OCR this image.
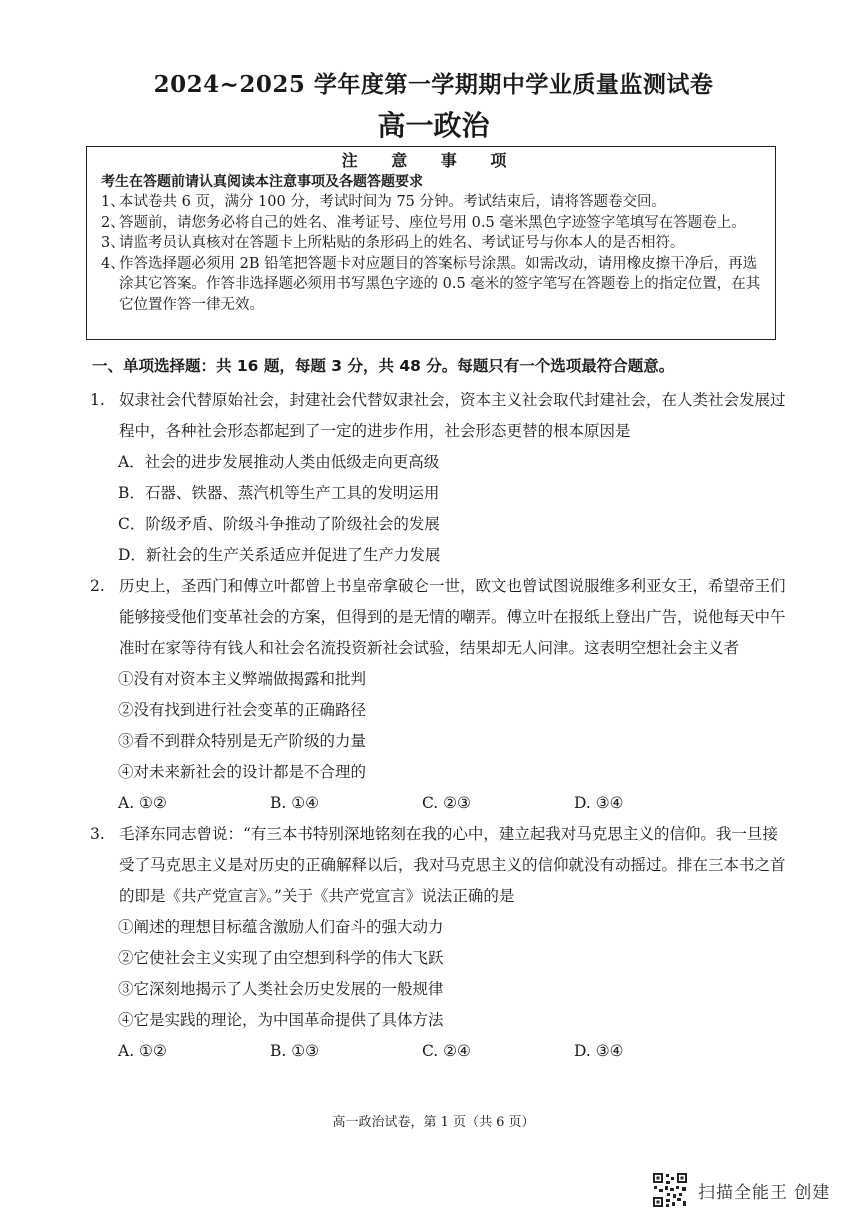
2024~2025 学年度第一学期期中学业质量监测试卷
高一政治
注 意 事 项
考生在答题前请认真阅读本注意事项及各题答题要求
1、
本试卷共 6 页，满分 100 分，考试时间为 75 分钟。考试结束后，请将答题卷交回。
2、
答题前，请您务必将自己的姓名、准考证号、座位号用 0.5 毫米黑色字迹签字笔填写在答题卷上。
3、
请监考员认真核对在答题卡上所粘贴的条形码上的姓名、考试证号与你本人的是否相符。
4、
作答选择题必须用 2B 铅笔把答题卡对应题目的答案标号涂黑。如需改动，请用橡皮擦干净后，再选涂其它答案。作答非选择题必须用书写黑色字迹的 0.5 毫米的签字笔写在答题卷上的指定位置，在其它位置作答一律无效。
一、单项选择题：共 16 题，每题 3 分，共 48 分。每题只有一个选项最符合题意。
1. 奴隶社会代替原始社会，封建社会代替奴隶社会，资本主义社会取代封建社会，在人类社会发展过程中，各种社会形态都起到了一定的进步作用，社会形态更替的根本原因是
A．社会的进步发展推动人类由低级走向更高级
B．石器、铁器、蒸汽机等生产工具的发明运用
C．阶级矛盾、阶级斗争推动了阶级社会的发展
D．新社会的生产关系适应并促进了生产力发展
2. 历史上，圣西门和傅立叶都曾上书皇帝拿破仑一世，欧文也曾试图说服维多利亚女王，希望帝王们能够接受他们变革社会的方案，但得到的是无情的嘲弄。傅立叶在报纸上登出广告，说他每天中午准时在家等待有钱人和社会名流投资新社会试验，结果却无人问津。这表明空想社会主义者
①没有对资本主义弊端做揭露和批判
②没有找到进行社会变革的正确路径
③看不到群众特别是无产阶级的力量
④对未来新社会的设计都是不合理的
A. ①②	B. ①④	C. ②③	D. ③④
3. 毛泽东同志曾说：“有三本书特别深地铭刻在我的心中，建立起我对马克思主义的信仰。我一旦接受了马克思主义是对历史的正确解释以后，我对马克思主义的信仰就没有动摇过。排在三本书之首的即是《共产党宣言》。”关于《共产党宣言》说法正确的是
①阐述的理想目标蕴含激励人们奋斗的强大动力
②它使社会主义实现了由空想到科学的伟大飞跃
③它深刻地揭示了人类社会历史发展的一般规律
④它是实践的理论，为中国革命提供了具体方法
A. ①②	B. ①③	C. ②④	D. ③④
高一政治试卷，第 1 页（共 6 页）
扫描全能王 创建
